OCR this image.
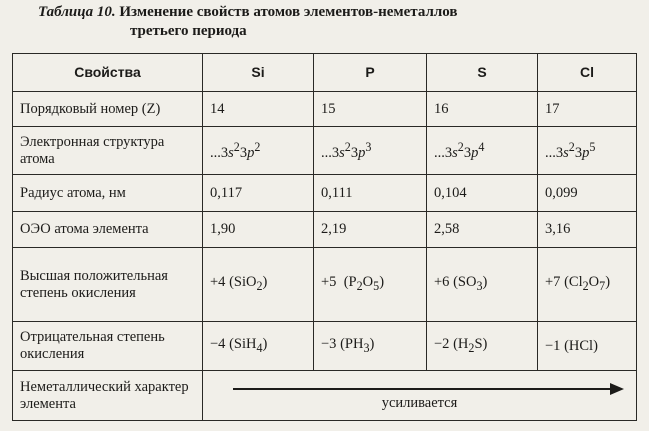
Таблица 10. Изменение свойств атомов элементов-неметаллов
третьего периода
Свойства	Si	P	S	Cl
Порядковый номер (Z)	14	15	16	17
Электронная структура атома	$...3s^23p^2$	$...3s^23p^3$	$...3s^23p^4$	$...3s^23p^5$
Радиус атома, нм	0,117	0,111	0,104	0,099
ОЭО атома элемента	1,90	2,19	2,58	3,16
Высшая положительная степень окисления	+4 (SiO$_2$)	+5  $(P_2O_5)$	+6 $(SO_3)$	+7 $(Cl_2O_7)$
Отрицательная степень окисления	−4 (SiH$_4$)	−3 $(PH_3)$	−2 $(H_2S)$	−1 (HCl)
Неметаллический характер элемента	усиливается			
